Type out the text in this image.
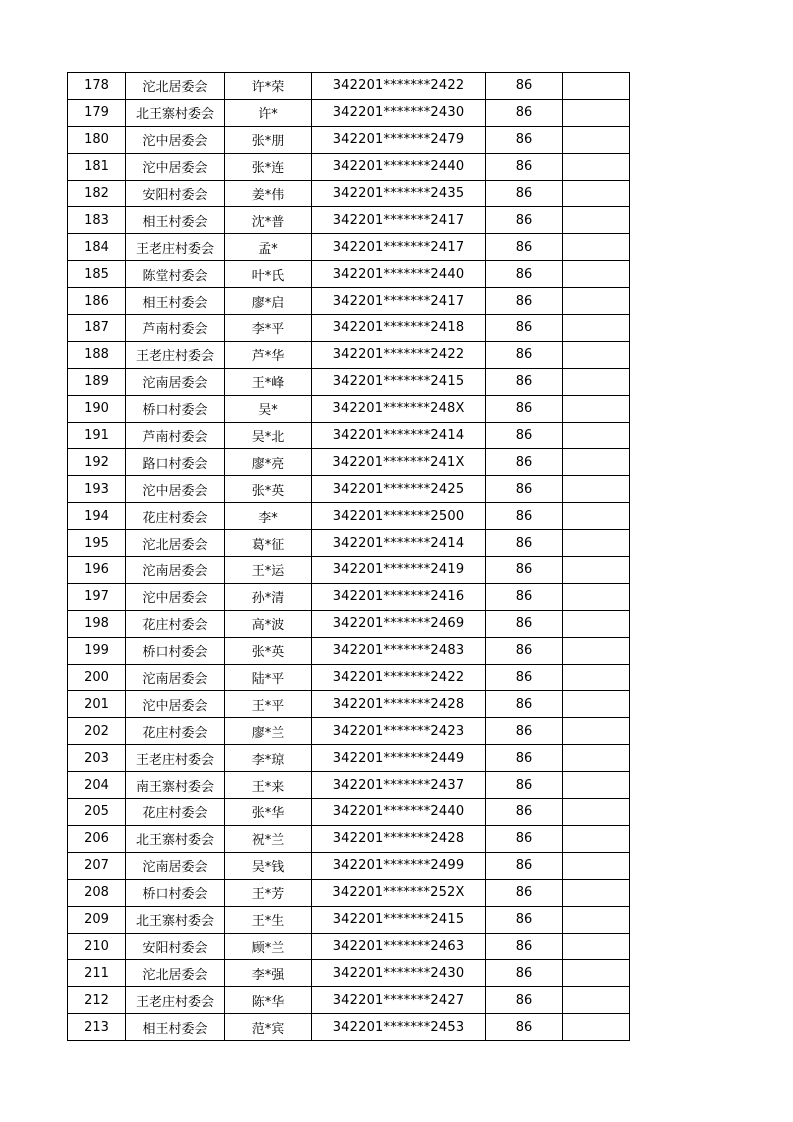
178	沱北居委会	许*荣	342201*******2422	86	
179	北王寨村委会	许*	342201*******2430	86	
180	沱中居委会	张*朋	342201*******2479	86	
181	沱中居委会	张*连	342201*******2440	86	
182	安阳村委会	姜*伟	342201*******2435	86	
183	相王村委会	沈*普	342201*******2417	86	
184	王老庄村委会	孟*	342201*******2417	86	
185	陈堂村委会	叶*氏	342201*******2440	86	
186	相王村委会	廖*启	342201*******2417	86	
187	芦南村委会	李*平	342201*******2418	86	
188	王老庄村委会	芦*华	342201*******2422	86	
189	沱南居委会	王*峰	342201*******2415	86	
190	桥口村委会	吴*	342201*******248X	86	
191	芦南村委会	吴*北	342201*******2414	86	
192	路口村委会	廖*亮	342201*******241X	86	
193	沱中居委会	张*英	342201*******2425	86	
194	花庄村委会	李*	342201*******2500	86	
195	沱北居委会	葛*征	342201*******2414	86	
196	沱南居委会	王*运	342201*******2419	86	
197	沱中居委会	孙*清	342201*******2416	86	
198	花庄村委会	高*波	342201*******2469	86	
199	桥口村委会	张*英	342201*******2483	86	
200	沱南居委会	陆*平	342201*******2422	86	
201	沱中居委会	王*平	342201*******2428	86	
202	花庄村委会	廖*兰	342201*******2423	86	
203	王老庄村委会	李*琼	342201*******2449	86	
204	南王寨村委会	王*来	342201*******2437	86	
205	花庄村委会	张*华	342201*******2440	86	
206	北王寨村委会	祝*兰	342201*******2428	86	
207	沱南居委会	吴*钱	342201*******2499	86	
208	桥口村委会	王*芳	342201*******252X	86	
209	北王寨村委会	王*生	342201*******2415	86	
210	安阳村委会	顾*兰	342201*******2463	86	
211	沱北居委会	李*强	342201*******2430	86	
212	王老庄村委会	陈*华	342201*******2427	86	
213	相王村委会	范*宾	342201*******2453	86	
